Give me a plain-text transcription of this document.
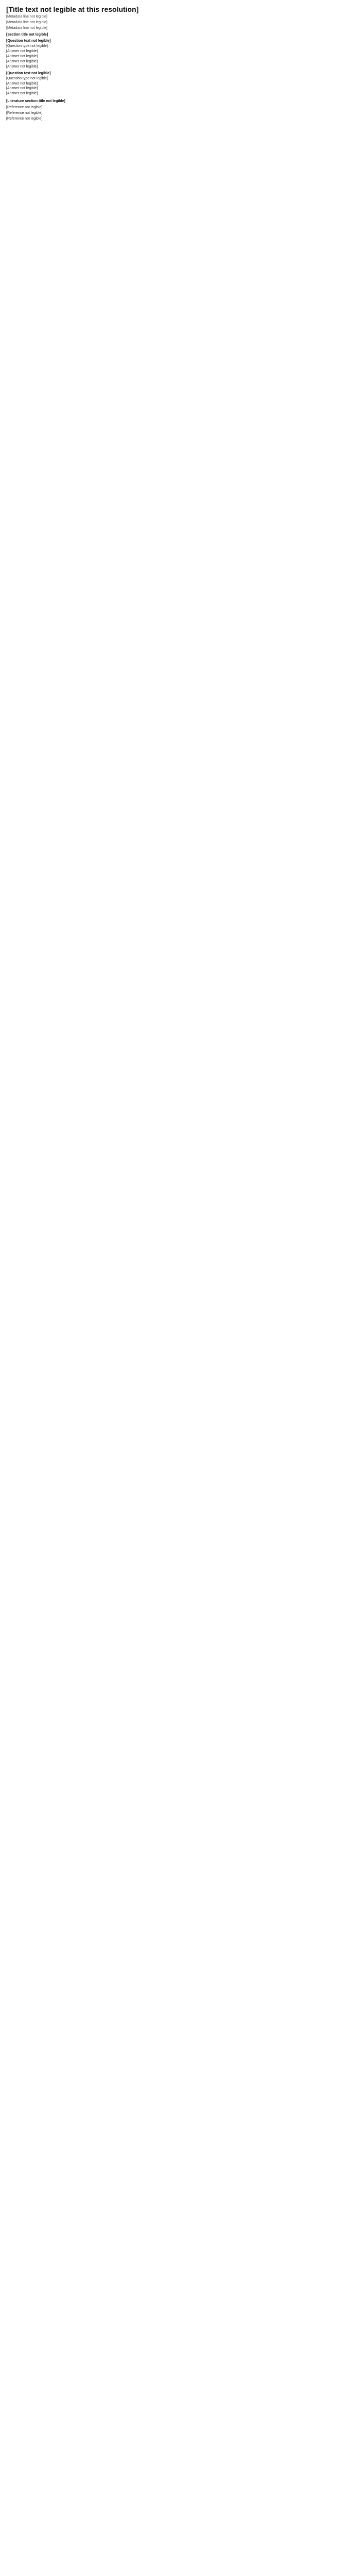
[Title text not legible at this resolution]
[Metadata line not legible]
[Metadata line not legible]
[Metadata line not legible]
[Section title not legible]
[Question text not legible]
[Question type not legible]
[Answer not legible]
[Answer not legible]
[Answer not legible]
[Answer not legible]
[Question text not legible]
[Question type not legible]
[Answer not legible]
[Answer not legible]
[Answer not legible]
[Literature section title not legible]
[Reference not legible]
[Reference not legible]
[Reference not legible]
